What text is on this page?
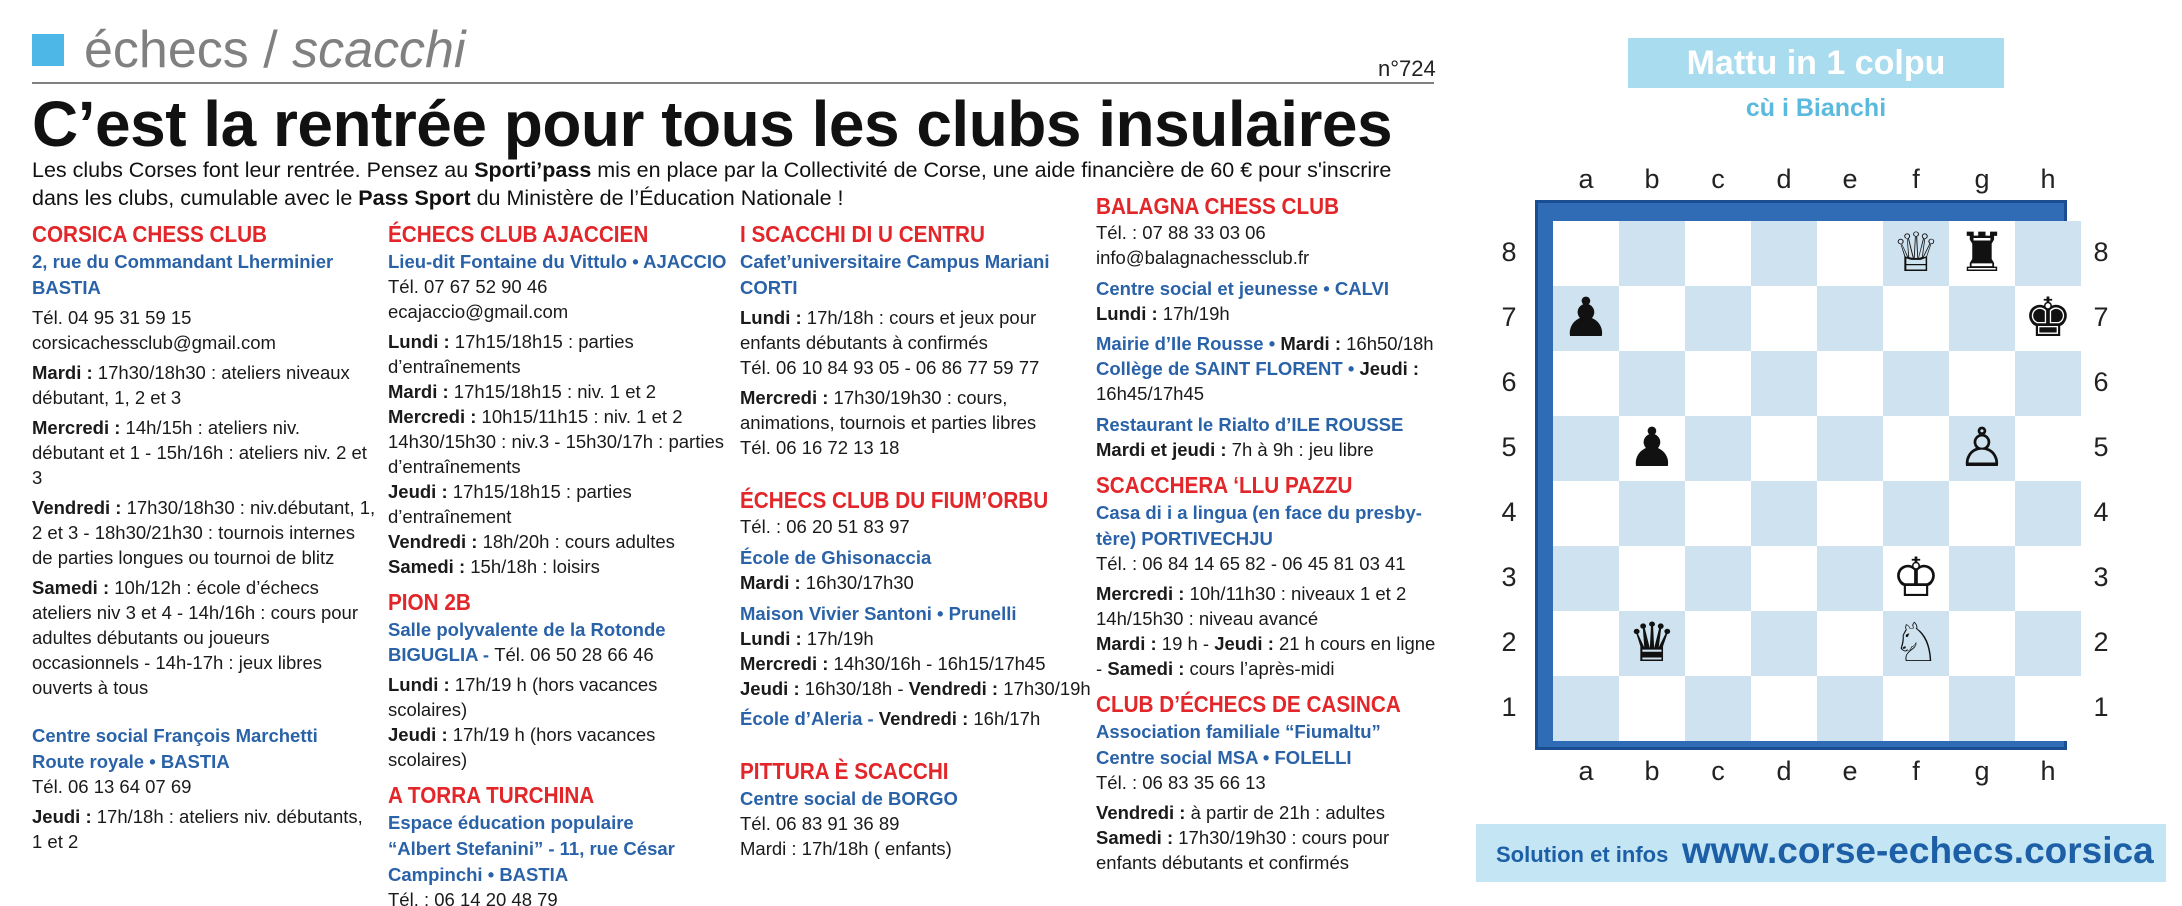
échecs / scacchi	n°724
C’est la rentrée pour tous les clubs insulaires
Les clubs Corses font leur rentrée. Pensez au Sporti’pass mis en place par la Collectivité de Corse, une aide financière de 60 € pour s'inscrire dans les clubs, cumulable avec le Pass Sport du Ministère de l’Éducation Nationale !
CORSICA CHESS CLUB
2, rue du Commandant Lherminier
BASTIA
Tél. 04 95 31 59 15
corsicachessclub@gmail.com
Mardi : 17h30/18h30 : ateliers niveaux débutant, 1, 2 et 3
Mercredi : 14h/15h : ateliers niv. débutant et 1 - 15h/16h : ateliers niv. 2 et 3
Vendredi : 17h30/18h30 : niv.débutant, 1, 2 et 3 - 18h30/21h30 : tournois internes de parties longues ou tournoi de blitz
Samedi : 10h/12h : école d’échecs ateliers niv 3 et 4 - 14h/16h : cours pour adultes débutants ou joueurs occasionnels - 14h-17h : jeux libres ouverts à tous
Centre social François Marchetti
Route royale • BASTIA
Tél. 06 13 64 07 69
Jeudi : 17h/18h : ateliers niv. débutants, 1 et 2
ÉCHECS CLUB AJACCIEN
Lieu-dit Fontaine du Vittulo • AJACCIO
Tél. 07 67 52 90 46
ecajaccio@gmail.com
Lundi : 17h15/18h15 : parties d’entraînements
Mardi : 17h15/18h15 : niv. 1 et 2
Mercredi : 10h15/11h15 : niv. 1 et 2 14h30/15h30 : niv.3 - 15h30/17h : parties d’entraînements
Jeudi : 17h15/18h15 : parties d’entraînement
Vendredi : 18h/20h : cours adultes
Samedi : 15h/18h : loisirs
PION 2B
Salle polyvalente de la Rotonde
BIGUGLIA - Tél. 06 50 28 66 46
Lundi : 17h/19 h (hors vacances scolaires)
Jeudi : 17h/19 h (hors vacances scolaires)
A TORRA TURCHINA
Espace éducation populaire
“Albert Stefanini” - 11, rue César
Campinchi • BASTIA
Tél. : 06 14 20 48 79
I SCACCHI DI U CENTRU
Cafet’universitaire Campus Mariani
CORTI
Lundi : 17h/18h : cours et jeux pour enfants débutants à confirmés
Tél. 06 10 84 93 05 - 06 86 77 59 77
Mercredi : 17h30/19h30 : cours, animations, tournois et parties libres
Tél. 06 16 72 13 18
ÉCHECS CLUB DU FIUM’ORBU
Tél. : 06 20 51 83 97
École de Ghisonaccia
Mardi : 16h30/17h30
Maison Vivier Santoni • Prunelli
Lundi : 17h/19h
Mercredi : 14h30/16h - 16h15/17h45
Jeudi : 16h30/18h - Vendredi : 17h30/19h
École d’Aleria - Vendredi : 16h/17h
PITTURA È SCACCHI
Centre social de BORGO
Tél. 06 83 91 36 89
Mardi : 17h/18h ( enfants)
BALAGNA CHESS CLUB
Tél. : 07 88 33 03 06
info@balagnachessclub.fr
Centre social et jeunesse • CALVI
Lundi : 17h/19h
Mairie d’Ile Rousse • Mardi : 16h50/18h
Collège de SAINT FLORENT • Jeudi : 16h45/17h45
Restaurant le Rialto d’ILE ROUSSE
Mardi et jeudi : 7h à 9h : jeu libre
SCACCHERA ‘LLU PAZZU
Casa di i a lingua (en face du presby-
tère) PORTIVECHJU
Tél. : 06 84 14 65 82 - 06 45 81 03 41
Mercredi : 10h/11h30 : niveaux 1 et 2 14h/15h30 : niveau avancé
Mardi : 19 h - Jeudi : 21 h cours en ligne - Samedi : cours l’après-midi
CLUB D’ÉCHECS DE CASINCA
Association familiale “Fiumaltu”
Centre social MSA • FOLELLI
Tél. : 06 83 35 66 13
Vendredi : à partir de 21h : adultes
Samedi : 17h30/19h30 : cours pour enfants débutants et confirmés
Mattu in 1 colpu
cù i Bianchi
a
a
b
b
c
c
d
d
e
e
f
f
g
g
h
h
8	8
7	7
6	6
5	5
4	4
3	3
2	2
1	1
♕ ♜
♟	♚
♟	♙
♔
♛	♘
Solution et infos www.corse-echecs.corsica
